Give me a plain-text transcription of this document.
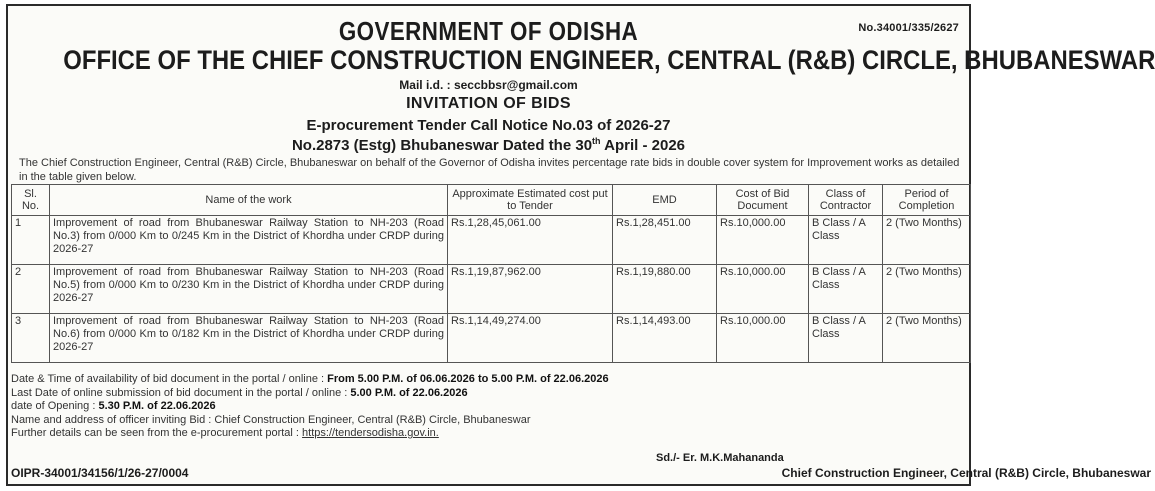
No.34001/335/2627
GOVERNMENT OF ODISHA
OFFICE OF THE CHIEF CONSTRUCTION ENGINEER, CENTRAL (R&B) CIRCLE, BHUBANESWAR
Mail i.d. : seccbbsr@gmail.com
INVITATION OF BIDS
E-procurement Tender Call Notice No.03 of 2026-27
No.2873 (Estg) Bhubaneswar Dated the 30th April - 2026
The Chief Construction Engineer, Central (R&B) Circle, Bhubaneswar on behalf of the Governor of Odisha invites percentage rate bids in double cover system for Improvement works as detailed in the table given below.
Sl. No.	Name of the work	Approximate Estimated cost put to Tender	EMD	Cost of Bid Document	Class of Contractor	Period of Completion
1	Improvement of road from Bhubaneswar Railway Station to NH-203 (Road No.3) from 0/000 Km to 0/245 Km in the District of Khordha under CRDP during 2026-27	Rs.1,28,45,061.00	Rs.1,28,451.00	Rs.10,000.00	B Class / A Class	2 (Two Months)
2	Improvement of road from Bhubaneswar Railway Station to NH-203 (Road No.5) from 0/000 Km to 0/230 Km in the District of Khordha under CRDP during 2026-27	Rs.1,19,87,962.00	Rs.1,19,880.00	Rs.10,000.00	B Class / A Class	2 (Two Months)
3	Improvement of road from Bhubaneswar Railway Station to NH-203 (Road No.6) from 0/000 Km to 0/182 Km in the District of Khordha under CRDP during 2026-27	Rs.1,14,49,274.00	Rs.1,14,493.00	Rs.10,000.00	B Class / A Class	2 (Two Months)
Date & Time of availability of bid document in the portal / online : From 5.00 P.M. of 06.06.2026 to 5.00 P.M. of 22.06.2026
Last Date of online submission of bid document in the portal / online : 5.00 P.M. of 22.06.2026
date of Opening : 5.30 P.M. of 22.06.2026
Name and address of officer inviting Bid : Chief Construction Engineer, Central (R&B) Circle, Bhubaneswar
Further details can be seen from the e-procurement portal : https://tendersodisha.gov.in.
Sd./- Er. M.K.Mahananda
OIPR-34001/34156/1/26-27/0004	Chief Construction Engineer, Central (R&B) Circle, Bhubaneswar
